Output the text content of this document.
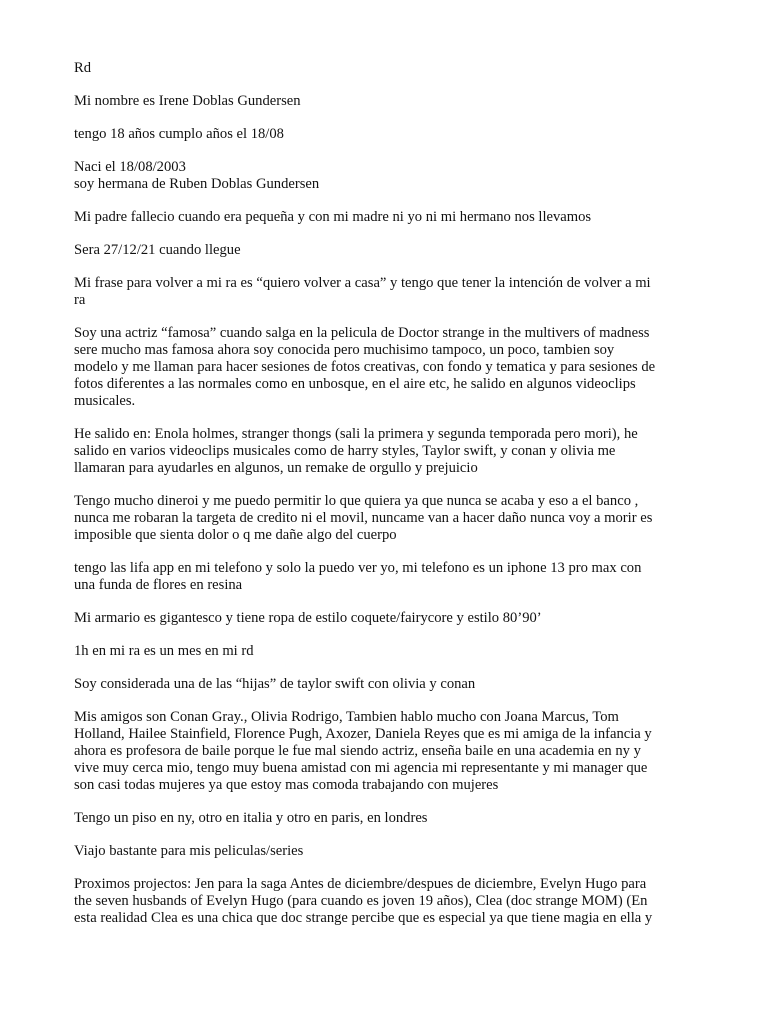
Rd
Mi nombre es Irene Doblas Gundersen
tengo 18 años cumplo años el 18/08
Naci el 18/08/2003
soy hermana de Ruben Doblas Gundersen
Mi padre fallecio cuando era pequeña y con mi madre ni yo ni mi hermano nos llevamos
Sera 27/12/21 cuando llegue
Mi frase para volver a mi ra es “quiero volver a casa” y tengo que tener la intención de volver a mi
ra
Soy una actriz “famosa” cuando salga en la pelicula de Doctor strange in the multivers of madness
sere mucho mas famosa ahora soy conocida pero muchisimo tampoco, un poco, tambien soy
modelo y me llaman para hacer sesiones de fotos creativas, con fondo y tematica y para sesiones de
fotos diferentes a las normales como en unbosque, en el aire etc, he salido en algunos videoclips
musicales.
He salido en: Enola holmes, stranger thongs (sali la primera y segunda temporada pero mori), he
salido en varios videoclips musicales como de harry styles, Taylor swift, y conan y olivia me
llamaran para ayudarles en algunos, un remake de orgullo y prejuicio
Tengo mucho dineroi y me puedo permitir lo que quiera ya que nunca se acaba y eso a el banco ,
nunca me robaran la targeta de credito ni el movil, nuncame van a hacer daño nunca voy a morir es
imposible que sienta dolor o q me dañe algo del cuerpo
tengo las lifa app en mi telefono y solo la puedo ver yo, mi telefono es un iphone 13 pro max con
una funda de flores en resina
Mi armario es gigantesco y tiene ropa de estilo coquete/fairycore y estilo 80’90’
1h en mi ra es un mes en mi rd
Soy considerada una de las “hijas” de taylor swift con olivia y conan
Mis amigos son Conan Gray., Olivia Rodrigo, Tambien hablo mucho con Joana Marcus, Tom
Holland, Hailee Stainfield, Florence Pugh, Axozer, Daniela Reyes que es mi amiga de la infancia y
ahora es profesora de baile porque le fue mal siendo actriz, enseña baile en una academia en ny y
vive muy cerca mio, tengo muy buena amistad con mi agencia mi representante y mi manager que
son casi todas mujeres ya que estoy mas comoda trabajando con mujeres
Tengo un piso en ny, otro en italia y otro en paris, en londres
Viajo bastante para mis peliculas/series
Proximos projectos: Jen para la saga Antes de diciembre/despues de diciembre, Evelyn Hugo para
the seven husbands of Evelyn Hugo (para cuando es joven 19 años), Clea (doc strange MOM) (En
esta realidad Clea es una chica que doc strange percibe que es especial ya que tiene magia en ella y
